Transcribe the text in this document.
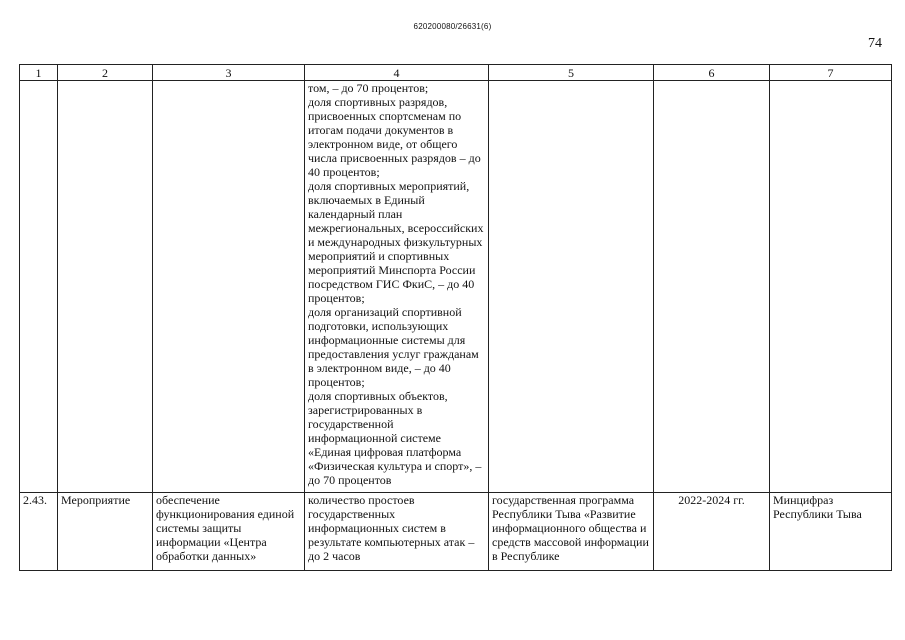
620200080/26631(6)
74
1	2	3	4	5	6	7
			том, – до 70 процентов;
доля спортивных разрядов, присвоенных спортсменам по итогам подачи документов в электронном виде, от общего числа присвоенных разрядов – до 40 процентов;
доля спортивных мероприятий, включаемых в Единый календарный план межрегиональных, всероссийских и международных физкультурных мероприятий и спортивных мероприятий Минспорта России посредством ГИС ФкиС, – до 40 процентов;
доля организаций спортивной подготовки, использующих информационные системы для предоставления услуг гражданам в электронном виде, – до 40 процентов;
доля спортивных объектов, зарегистрированных в государственной информационной системе «Единая цифровая платформа «Физическая культура и спорт», – до 70 процентов			
2.43.	Мероприятие	обеспечение функционирования единой системы защиты информации «Центра обработки данных»	количество простоев государственных информационных систем в результате компьютерных атак – до 2 часов	государственная программа Республики Тыва «Развитие информационного общества и средств массовой информации в Республике	2022-2024 гг.	Минцифраз Республики Тыва
